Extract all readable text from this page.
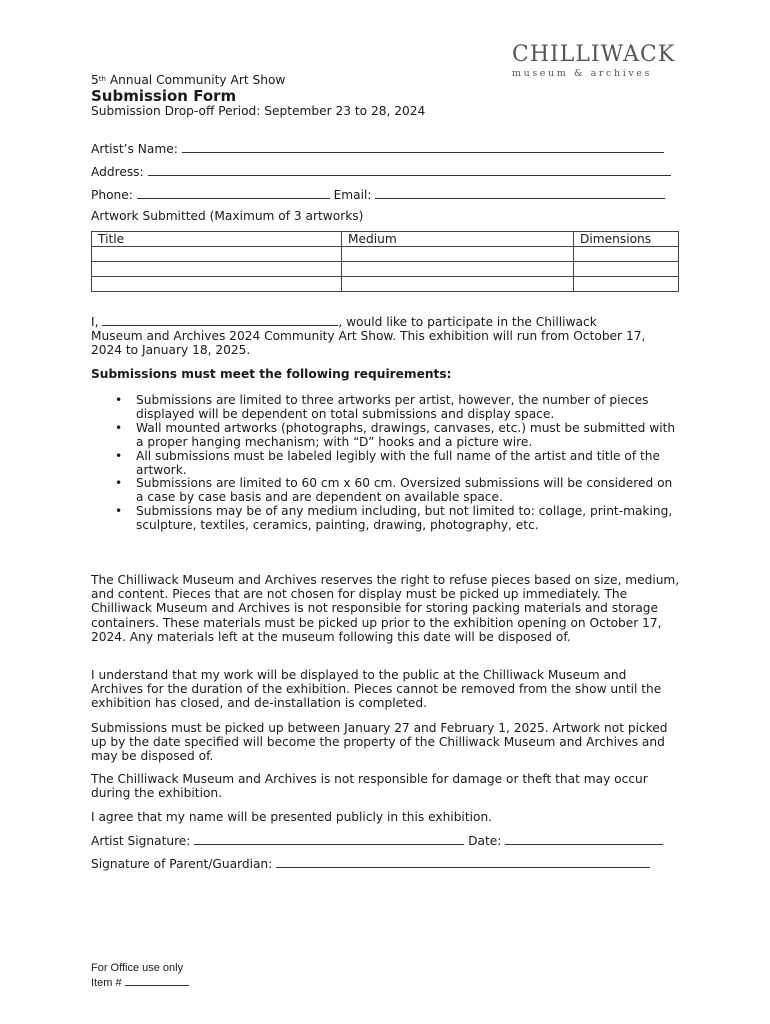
CHILLIWACK
museum & archives
5th Annual Community Art Show
Submission Form
Submission Drop-off Period: September 23 to 28, 2024
Artist’s Name:
Address:
Phone:	Email:
Artwork Submitted (Maximum of 3 artworks)
Title	Medium	Dimensions

I,	, would like to participate in the Chilliwack Museum and Archives 2024 Community Art Show. This exhibition will run from October 17, 2024 to January 18, 2025.
Submissions must meet the following requirements:
• Submissions are limited to three artworks per artist, however, the number of pieces displayed will be dependent on total submissions and display space.
• Wall mounted artworks (photographs, drawings, canvases, etc.) must be submitted with a proper hanging mechanism; with “D” hooks and a picture wire.
• All submissions must be labeled legibly with the full name of the artist and title of the artwork.
• Submissions are limited to 60 cm x 60 cm. Oversized submissions will be considered on a case by case basis and are dependent on available space.
• Submissions may be of any medium including, but not limited to: collage, print-making, sculpture, textiles, ceramics, painting, drawing, photography, etc.
The Chilliwack Museum and Archives reserves the right to refuse pieces based on size, medium, and content. Pieces that are not chosen for display must be picked up immediately. The Chilliwack Museum and Archives is not responsible for storing packing materials and storage containers. These materials must be picked up prior to the exhibition opening on October 17, 2024. Any materials left at the museum following this date will be disposed of.
I understand that my work will be displayed to the public at the Chilliwack Museum and Archives for the duration of the exhibition. Pieces cannot be removed from the show until the exhibition has closed, and de-installation is completed.
Submissions must be picked up between January 27 and February 1, 2025. Artwork not picked up by the date specified will become the property of the Chilliwack Museum and Archives and may be disposed of.
The Chilliwack Museum and Archives is not responsible for damage or theft that may occur during the exhibition.
I agree that my name will be presented publicly in this exhibition.
Artist Signature:	Date:
Signature of Parent/Guardian:
For Office use only
Item #
